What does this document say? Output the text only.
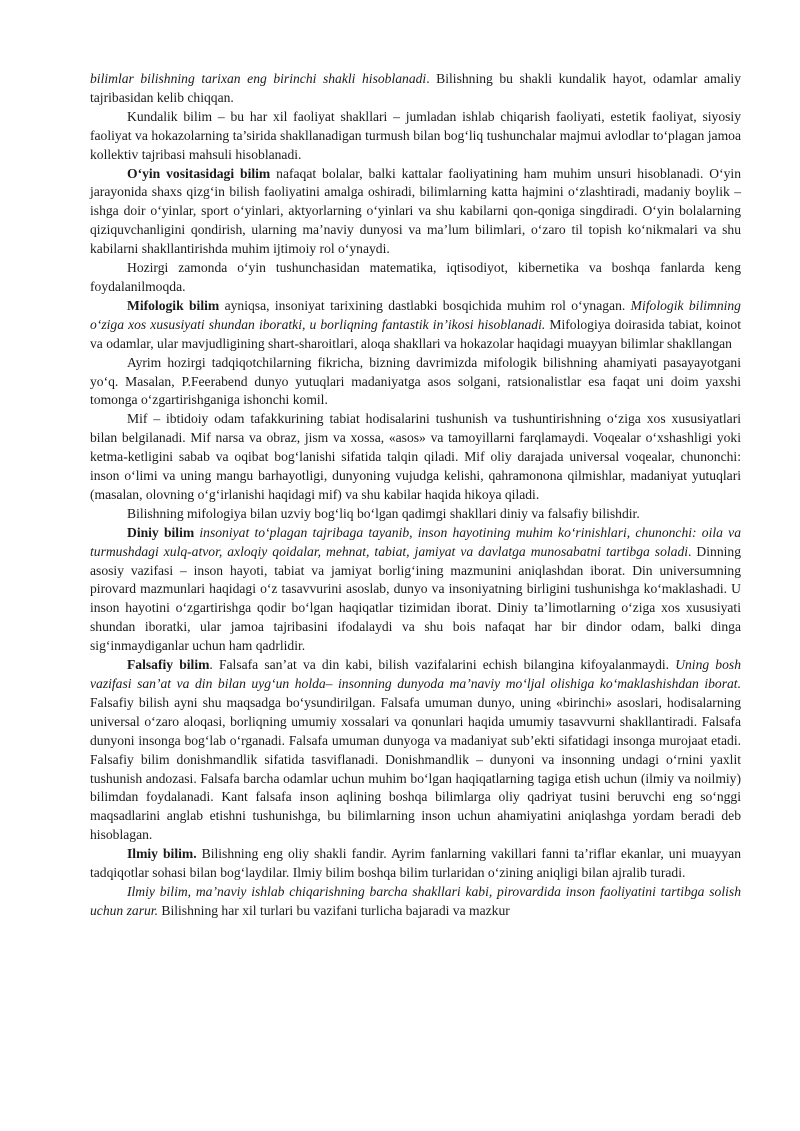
bilimlar bilishning tarixan eng birinchi shakli hisoblanadi. Bilishning bu shakli kundalik hayot, odamlar amaliy tajribasidan kelib chiqqan.

Kundalik bilim – bu har xil faoliyat shakllari – jumladan ishlab chiqarish faoliyati, estetik faoliyat, siyosiy faoliyat va hokazolarning ta’sirida shakllanadigan turmush bilan bog‘liq tushunchalar majmui avlodlar to‘plagan jamoa kollektiv tajribasi mahsuli hisoblanadi.

O‘yin vositasidagi bilim nafaqat bolalar, balki kattalar faoliyatining ham muhim unsuri hisoblanadi. O‘yin jarayonida shaxs qizg‘in bilish faoliyatini amalga oshiradi, bilimlarning katta hajmini o‘zlashtiradi, madaniy boylik – ishga doir o‘yinlar, sport o‘yinlari, aktyorlarning o‘yinlari va shu kabilarni qon-qoniga singdiradi. O‘yin bolalarning qiziquvchanligini qondirish, ularning ma’naviy dunyosi va ma’lum bilimlari, o‘zaro til topish ko‘nikmalari va shu kabilarni shakllantirishda muhim ijtimoiy rol o‘ynaydi.

Hozirgi zamonda o‘yin tushunchasidan matematika, iqtisodiyot, kibernetika va boshqa fanlarda keng foydalanilmoqda.

Mifologik bilim ayniqsa, insoniyat tarixining dastlabki bosqichida muhim rol o‘ynagan. Mifologik bilimning o‘ziga xos xususiyati shundan iboratki, u borliqning fantastik in’ikosi hisoblanadi. Mifologiya doirasida tabiat, koinot va odamlar, ular mavjudligining shart-sharoitlari, aloqa shakllari va hokazolar haqidagi muayyan bilimlar shakllangan

Ayrim hozirgi tadqiqotchilarning fikricha, bizning davrimizda mifologik bilishning ahamiyati pasayayotgani yo‘q. Masalan, P.Feerabend dunyo yutuqlari madaniyatga asos solgani, ratsionalistlar esa faqat uni doim yaxshi tomonga o‘zgartirishganiga ishonchi komil.

Mif – ibtidoiy odam tafakkurining tabiat hodisalarini tushunish va tushuntirishning o‘ziga xos xususiyatlari bilan belgilanadi. Mif narsa va obraz, jism va xossa, «asos» va tamoyillarni farqlamaydi. Voqealar o‘xshashligi yoki ketma-ketligini sabab va oqibat bog‘lanishi sifatida talqin qiladi. Mif oliy darajada universal voqealar, chunonchi: inson o‘limi va uning mangu barhayotligi, dunyoning vujudga kelishi, qahramonona qilmishlar, madaniyat yutuqlari (masalan, olovning o‘g‘irlanishi haqidagi mif) va shu kabilar haqida hikoya qiladi.

Bilishning mifologiya bilan uzviy bog‘liq bo‘lgan qadimgi shakllari diniy va falsafiy bilishdir.

Diniy bilim insoniyat to‘plagan tajribaga tayanib, inson hayotining muhim ko‘rinishlari, chunonchi: oila va turmushdagi xulq-atvor, axloqiy qoidalar, mehnat, tabiat, jamiyat va davlatga munosabatni tartibga soladi. Dinning asosiy vazifasi – inson hayoti, tabiat va jamiyat borlig‘ining mazmunini aniqlashdan iborat. Din universumning pirovard mazmunlari haqidagi o‘z tasavvurini asoslab, dunyo va insoniyatning birligini tushunishga ko‘maklashadi. U inson hayotini o‘zgartirishga qodir bo‘lgan haqiqatlar tizimidan iborat. Diniy ta’limotlarning o‘ziga xos xususiyati shundan iboratki, ular jamoa tajribasini ifodalaydi va shu bois nafaqat har bir dindor odam, balki dinga sig‘inmaydiganlar uchun ham qadrlidir.

Falsafiy bilim. Falsafa san’at va din kabi, bilish vazifalarini echish bilangina kifoyalanmaydi. Uning bosh vazifasi san’at va din bilan uyg‘un holda– insonning dunyoda ma’naviy mo‘ljal olishiga ko‘maklashishdan iborat. Falsafiy bilish ayni shu maqsadga bo‘ysundirilgan. Falsafa umuman dunyo, uning «birinchi» asoslari, hodisalarning universal o‘zaro aloqasi, borliqning umumiy xossalari va qonunlari haqida umumiy tasavvurni shakllantiradi. Falsafa dunyoni insonga bog‘lab o‘rganadi. Falsafa umuman dunyoga va madaniyat sub’ekti sifatidagi insonga murojaat etadi. Falsafiy bilim donishmandlik sifatida tasviflanadi. Donishmandlik – dunyoni va insonning undagi o‘rnini yaxlit tushunish andozasi. Falsafa barcha odamlar uchun muhim bo‘lgan haqiqatlarning tagiga etish uchun (ilmiy va noilmiy) bilimdan foydalanadi. Kant falsafa inson aqlining boshqa bilimlarga oliy qadriyat tusini beruvchi eng so‘nggi maqsadlarini anglab etishni tushunishga, bu bilimlarning inson uchun ahamiyatini aniqlashga yordam beradi deb hisoblagan.

Ilmiy bilim. Bilishning eng oliy shakli fandir. Ayrim fanlarning vakillari fanni ta’riflar ekanlar, uni muayyan tadqiqotlar sohasi bilan bog‘laydilar. Ilmiy bilim boshqa bilim turlaridan o‘zining aniqligi bilan ajralib turadi.

Ilmiy bilim, ma’naviy ishlab chiqarishning barcha shakllari kabi, pirovardida inson faoliyatini tartibga solish uchun zarur. Bilishning har xil turlari bu vazifani turlicha bajaradi va mazkur
